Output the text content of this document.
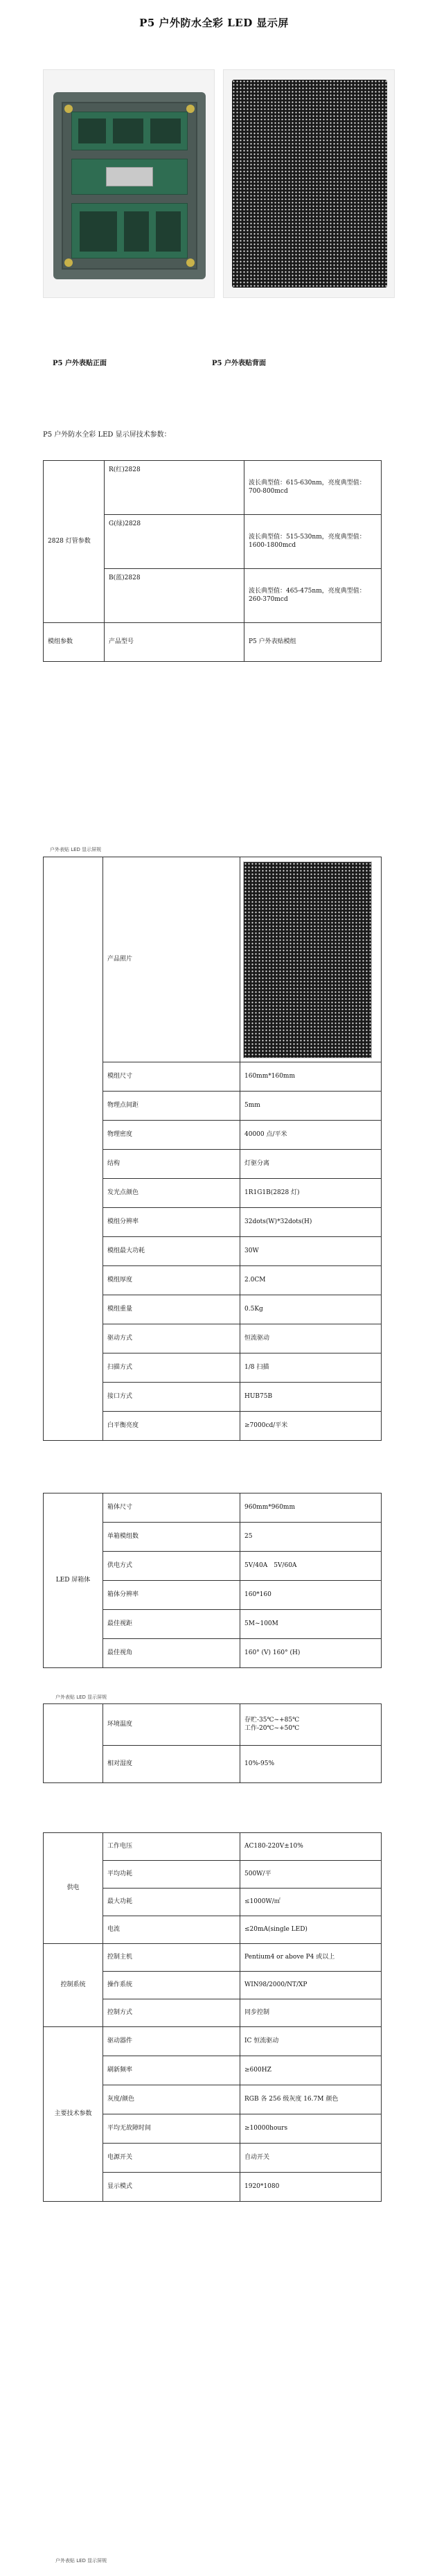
P5 户外防水全彩 LED 显示屏
P5 户外表贴正面	P5 户外表贴背面
P5 户外防水全彩 LED 显示屏技术参数：
2828 灯管参数	R(红)2828	波长典型值：615-630nm，亮度典型值：700-800mcd
	G(绿)2828	波长典型值：515-530nm，亮度典型值：1600-1800mcd
	B(蓝)2828	波长典型值：465-475nm，亮度典型值：260-370mcd
模组参数	产品型号	P5 户外表贴模组
户外表贴 LED 显示屏规
	产品照片	

	模组尺寸	160mm*160mm
	物理点间距	5mm
	物理密度	40000 点/平米
	结构	灯驱分离
	发光点颜色	1R1G1B(2828 灯)
	模组分辨率	32dots(W)*32dots(H)
	模组最大功耗	30W
	模组厚度	2.0CM
	模组重量	0.5Kg
	驱动方式	恒流驱动
	扫描方式	1/8 扫描
	接口方式	HUB75B
	白平衡亮度	≥7000cd/平米
LED 屏箱体	箱体尺寸	960mm*960mm
	单箱模组数	25
	供电方式	5V/40A　5V/60A
	箱体分辨率	160*160
	最佳视距	5M~100M
	最佳视角	160° (V) 160° (H)
户外表贴 LED 显示屏规
	环境温度	存贮-35℃~+85℃
工作-20℃~+50℃

	相对湿度	10%-95%
供电	工作电压	AC180-220V±10%
	平均功耗	500W/平
	最大功耗	≤1000W/㎡
	电流	≤20mA(single LED)
控制系统	控制主机	Pentium4 or above P4 或以上
	操作系统	WIN98/2000/NT/XP
	控制方式	同步控制
主要技术参数	驱动器件	IC 恒流驱动
	刷新频率	≥600HZ
	灰度/颜色	RGB 各 256 级灰度 16.7M 颜色
	平均无故障时间	≥10000hours
	电源开关	自动开关
	显示模式	1920*1080
户外表贴 LED 显示屏规
